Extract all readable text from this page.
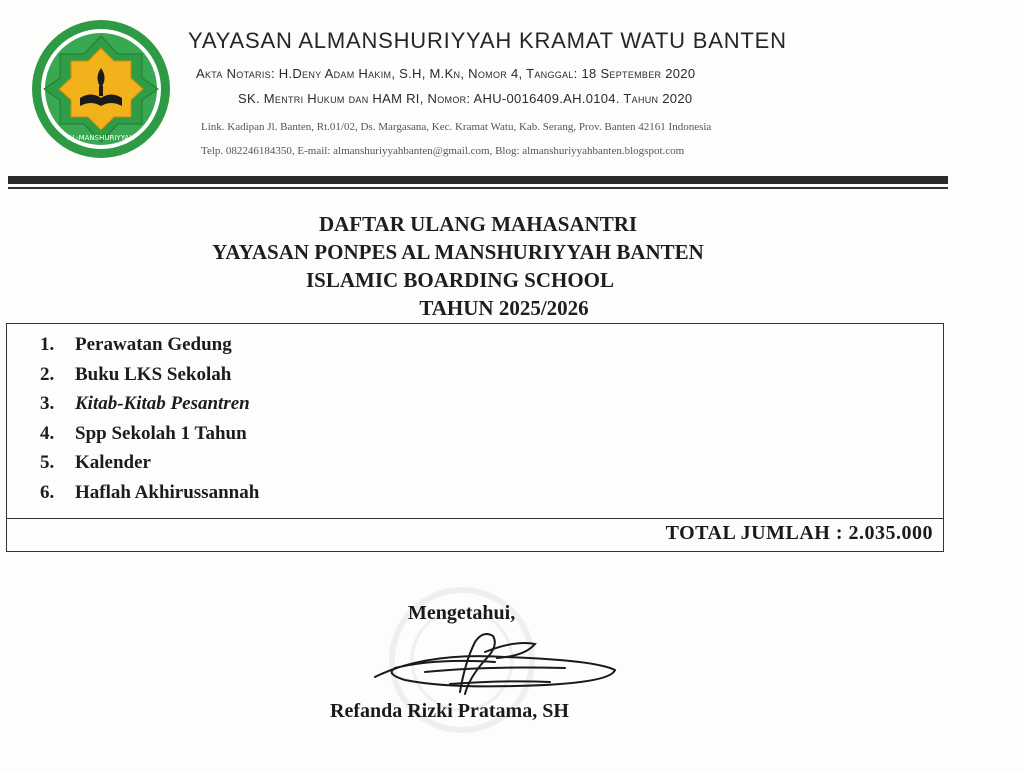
AL-MANSHURIYYAH
YAYASAN ALMANSHURIYYAH KRAMAT WATU BANTEN
Akta Notaris: H.Deny Adam Hakim, S.H, M.Kn, Nomor 4, Tanggal: 18 September 2020
SK. Mentri Hukum dan HAM RI, Nomor: AHU-0016409.AH.0104. Tahun 2020
Link. Kadipan Jl. Banten, Rt.01/02, Ds. Margasana, Kec. Kramat Watu, Kab. Serang, Prov. Banten 42161 Indonesia
Telp. 082246184350, E-mail: almanshuriyyahbanten@gmail.com, Blog: almanshuriyyahbanten.blogspot.com
DAFTAR ULANG MAHASANTRI
YAYASAN PONPES AL MANSHURIYYAH BANTEN
ISLAMIC BOARDING SCHOOL
TAHUN 2025/2026
1. Perawatan Gedung
2. Buku LKS Sekolah
3. Kitab-Kitab Pesantren
4. Spp Sekolah 1 Tahun
5. Kalender
6. Haflah Akhirussannah
TOTAL JUMLAH : 2.035.000
Mengetahui,
Refanda Rizki Pratama, SH
